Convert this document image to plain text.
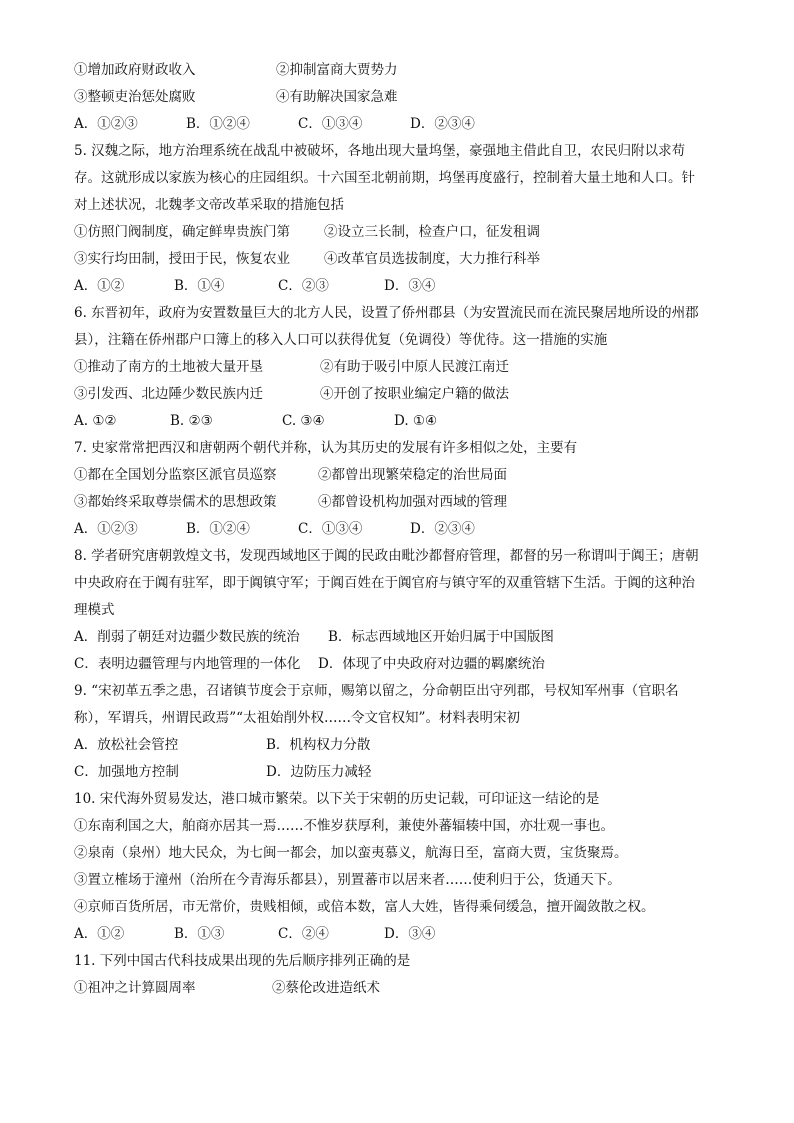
①增加政府财政收入	②抑制富商大贾势力
③整顿吏治惩处腐败	④有助解决国家急难
A．①②③	B．①②④	C．①③④	D．②③④
5. 汉魏之际，地方治理系统在战乱中被破坏，各地出现大量坞堡，豪强地主借此自卫，农民归附以求苟
存。这就形成以家族为核心的庄园组织。十六国至北朝前期，坞堡再度盛行，控制着大量土地和人口。针
对上述状况，北魏孝文帝改革采取的措施包括
①仿照门阀制度，确定鲜卑贵族门第	②设立三长制，检查户口，征发租调
③实行均田制，授田于民，恢复农业	④改革官员选拔制度，大力推行科举
A．①②	B．①④	C．②③	D．③④
6. 东晋初年，政府为安置数量巨大的北方人民，设置了侨州郡县（为安置流民而在流民聚居地所设的州郡
县），注籍在侨州郡户口簿上的移入人口可以获得优复（免调役）等优待。这一措施的实施
①推动了南方的土地被大量开垦	②有助于吸引中原人民渡江南迁
③引发西、北边陲少数民族内迁	④开创了按职业编定户籍的做法
A. ①②	B. ②③	C. ③④	D. ①④
7. 史家常常把西汉和唐朝两个朝代并称，认为其历史的发展有许多相似之处，主要有
①都在全国划分监察区派官员巡察	②都曾出现繁荣稳定的治世局面
③都始终采取尊崇儒术的思想政策	④都曾设机构加强对西域的管理
A．①②③	B．①②④	C．①③④	D．②③④
8. 学者研究唐朝敦煌文书，发现西域地区于阗的民政由毗沙都督府管理，都督的另一称谓叫于阗王；唐朝
中央政府在于阗有驻军，即于阗镇守军；于阗百姓在于阗官府与镇守军的双重管辖下生活。于阗的这种治
理模式
A．削弱了朝廷对边疆少数民族的统治 B．标志西域地区开始归属于中国版图
C．表明边疆管理与内地管理的一体化 D．体现了中央政府对边疆的羁縻统治
9. “宋初革五季之患，召诸镇节度会于京师，赐第以留之，分命朝臣出守列郡，号权知军州事（官职名
称），军谓兵，州谓民政焉”“太祖始削外权……令文官权知”。材料表明宋初
A．放松社会管控	B．机构权力分散
C．加强地方控制	D．边防压力减轻
10. 宋代海外贸易发达，港口城市繁荣。以下关于宋朝的历史记载，可印证这一结论的是
①东南利国之大，舶商亦居其一焉……不惟岁获厚利，兼使外蕃辐辏中国，亦壮观一事也。
②泉南（泉州）地大民众，为七闽一都会，加以蛮夷慕义，航海日至，富商大贾，宝货聚焉。
③置立榷场于潼州（治所在今青海乐都县），别置蕃市以居来者……使利归于公，货通天下。
④京师百货所居，市无常价，贵贱相倾，或倍本数，富人大姓，皆得乘伺缓急，擅开阖敛散之权。
A．①②	B．①③	C．②④	D．③④
11. 下列中国古代科技成果出现的先后顺序排列正确的是
①祖冲之计算圆周率	②蔡伦改进造纸术
